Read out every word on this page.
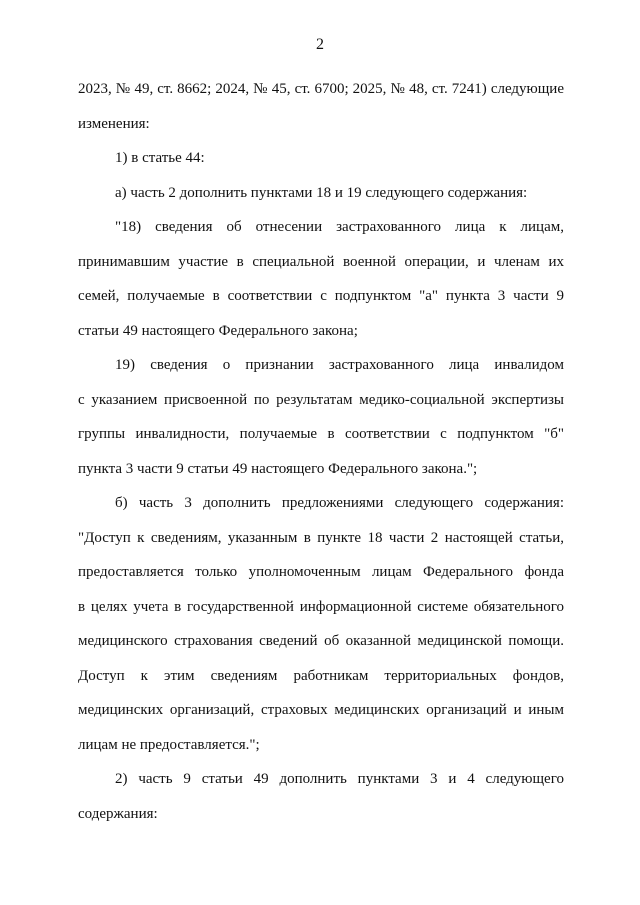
2

2023, № 49, ст. 8662; 2024, № 45, ст. 6700; 2025, № 48, ст. 7241) следующие

изменения:

1) в статье 44:

а) часть 2 дополнить пунктами 18 и 19 следующего содержания:

"18) сведения об отнесении застрахованного лица к лицам,

принимавшим участие в специальной военной операции, и членам их

семей, получаемые в соответствии с подпунктом "а" пункта 3 части 9

статьи 49 настоящего Федерального закона;

19) сведения о признании застрахованного лица инвалидом

с указанием присвоенной по результатам медико-социальной экспертизы

группы инвалидности, получаемые в соответствии с подпунктом "б"

пункта 3 части 9 статьи 49 настоящего Федерального закона.";

б) часть 3 дополнить предложениями следующего содержания:

"Доступ к сведениям, указанным в пункте 18 части 2 настоящей статьи,

предоставляется только уполномоченным лицам Федерального фонда

в целях учета в государственной информационной системе обязательного

медицинского страхования сведений об оказанной медицинской помощи.

Доступ к этим сведениям работникам территориальных фондов,

медицинских организаций, страховых медицинских организаций и иным

лицам не предоставляется.";

2) часть 9 статьи 49 дополнить пунктами 3 и 4 следующего

содержания:
